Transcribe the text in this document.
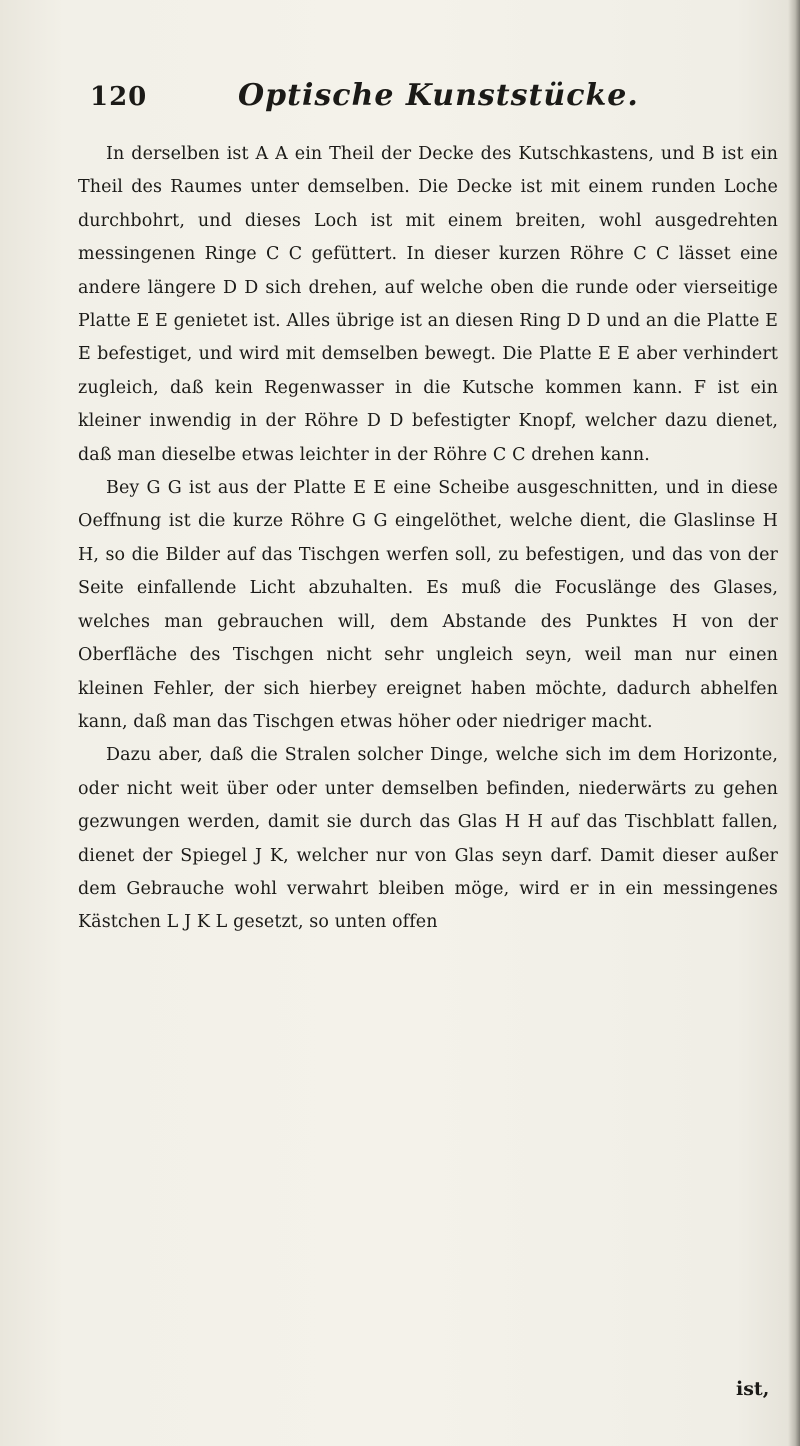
120	Optische Kunststücke.

In derselben ist A A ein Theil der Decke des Kutschkastens, und B ist ein Theil des Raumes unter demselben. Die Decke ist mit einem runden Loche durchbohrt, und dieses Loch ist mit einem breiten, wohl ausgedrehten messingenen Ringe C C gefüttert. In dieser kurzen Röhre C C lässet eine andere längere D D sich drehen, auf welche oben die runde oder vierseitige Platte E E genietet ist. Alles übrige ist an diesen Ring D D und an die Platte E E befestiget, und wird mit demselben bewegt. Die Platte E E aber verhindert zugleich, daß kein Regenwasser in die Kutsche kommen kann. F ist ein kleiner inwendig in der Röhre D D befestigter Knopf, welcher dazu dienet, daß man dieselbe etwas leichter in der Röhre C C drehen kann.

Bey G G ist aus der Platte E E eine Scheibe ausgeschnitten, und in diese Oeffnung ist die kurze Röhre G G eingelöthet, welche dient, die Glaslinse H H, so die Bilder auf das Tischgen werfen soll, zu befestigen, und das von der Seite einfallende Licht abzuhalten. Es muß die Focuslänge des Glases, welches man gebrauchen will, dem Abstande des Punktes H von der Oberfläche des Tischgen nicht sehr ungleich seyn, weil man nur einen kleinen Fehler, der sich hierbey ereignet haben möchte, dadurch abhelfen kann, daß man das Tischgen etwas höher oder niedriger macht.

Dazu aber, daß die Stralen solcher Dinge, welche sich im dem Horizonte, oder nicht weit über oder unter demselben befinden, niederwärts zu gehen gezwungen werden, damit sie durch das Glas H H auf das Tischblatt fallen, dienet der Spiegel J K, welcher nur von Glas seyn darf. Damit dieser außer dem Gebrauche wohl verwahrt bleiben möge, wird er in ein messingenes Kästchen L J K L gesetzt, so unten offen

ist,
